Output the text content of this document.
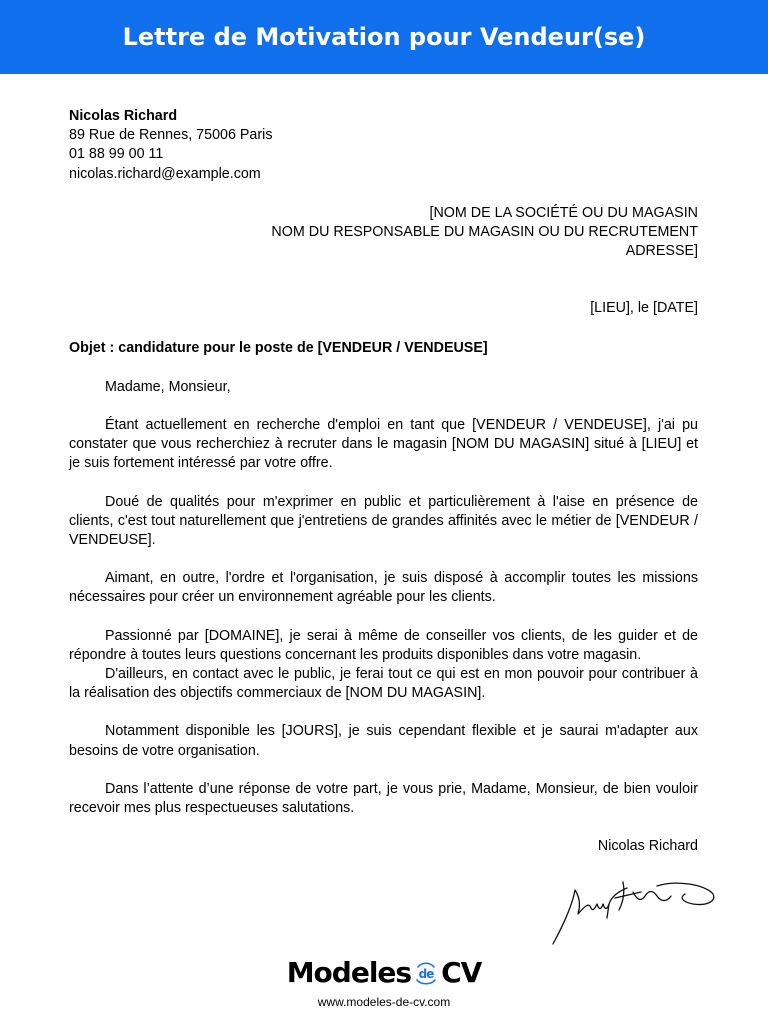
Lettre de Motivation pour Vendeur(se)
Nicolas Richard
89 Rue de Rennes, 75006 Paris
01 88 99 00 11
nicolas.richard@example.com
[NOM DE LA SOCIÉTÉ OU DU MAGASIN
NOM DU RESPONSABLE DU MAGASIN OU DU RECRUTEMENT
ADRESSE]
[LIEU], le [DATE]
Objet : candidature pour le poste de [VENDEUR / VENDEUSE]
Madame, Monsieur,
Étant actuellement en recherche d'emploi en tant que [VENDEUR / VENDEUSE], j'ai pu constater que vous recherchiez à recruter dans le magasin [NOM DU MAGASIN] situé à [LIEU] et je suis fortement intéressé par votre offre.
Doué de qualités pour m'exprimer en public et particulièrement à l'aise en présence de clients, c'est tout naturellement que j'entretiens de grandes affinités avec le métier de [VENDEUR / VENDEUSE].
Aimant, en outre, l'ordre et l'organisation, je suis disposé à accomplir toutes les missions nécessaires pour créer un environnement agréable pour les clients.
Passionné par [DOMAINE], je serai à même de conseiller vos clients, de les guider et de répondre à toutes leurs questions concernant les produits disponibles dans votre magasin.
D'ailleurs, en contact avec le public, je ferai tout ce qui est en mon pouvoir pour contribuer à la réalisation des objectifs commerciaux de [NOM DU MAGASIN].
Notamment disponible les [JOURS], je suis cependant flexible et je saurai m'adapter aux besoins de votre organisation.
Dans l’attente d’une réponse de votre part, je vous prie, Madame, Monsieur, de bien vouloir recevoir mes plus respectueuses salutations.
Nicolas Richard
Modeles de CV
www.modeles-de-cv.com
